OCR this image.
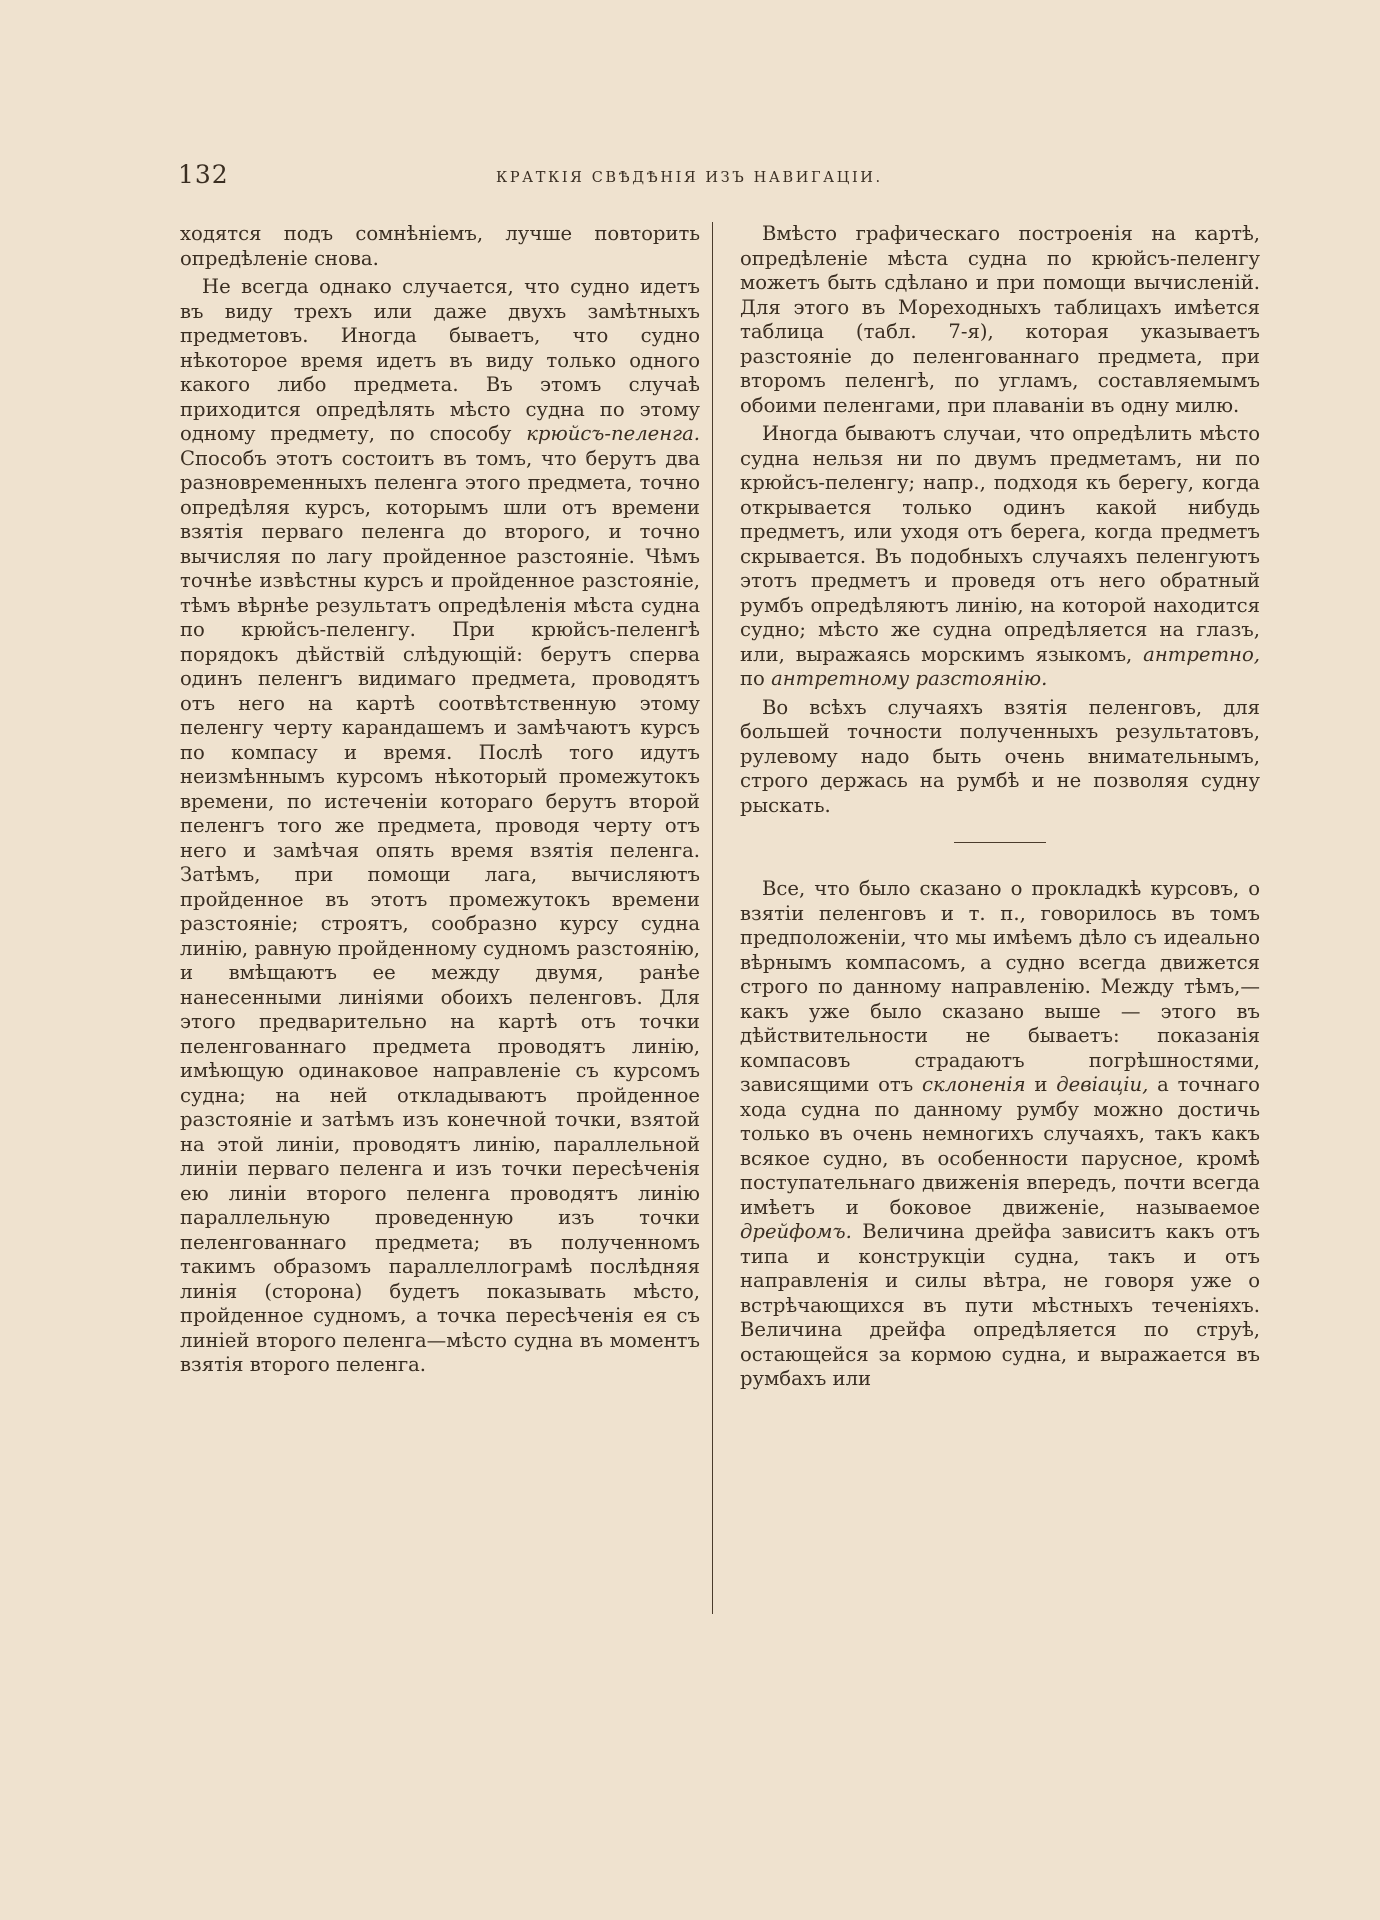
132	КРАТКІЯ СВѢДѢНІЯ ИЗЪ НАВИГАЦІИ.

ходятся подъ сомнѣніемъ, лучше повторить опредѣленіе снова.

Не всегда однако случается, что судно идетъ въ виду трехъ или даже двухъ замѣтныхъ предметовъ. Иногда бываетъ, что судно нѣкоторое время идетъ въ виду только одного какого либо предмета. Въ этомъ случаѣ приходится опредѣлять мѣсто судна по этому одному предмету, по способу крюйсъ-пеленга. Способъ этотъ состоитъ въ томъ, что берутъ два разновременныхъ пеленга этого предмета, точно опредѣляя курсъ, которымъ шли отъ времени взятія перваго пеленга до второго, и точно вычисляя по лагу пройденное разстояніе. Чѣмъ точнѣе извѣстны курсъ и пройденное разстояніе, тѣмъ вѣрнѣе результатъ опредѣленія мѣста судна по крюйсъ-пеленгу. При крюйсъ-пеленгѣ порядокъ дѣйствій слѣдующій: берутъ сперва одинъ пеленгъ видимаго предмета, проводятъ отъ него на картѣ соотвѣтственную этому пеленгу черту карандашемъ и замѣчаютъ курсъ по компасу и время. Послѣ того идутъ неизмѣннымъ курсомъ нѣкоторый промежутокъ времени, по истеченіи котораго берутъ второй пеленгъ того же предмета, проводя черту отъ него и замѣчая опять время взятія пеленга. Затѣмъ, при помощи лага, вычисляютъ пройденное въ этотъ промежутокъ времени разстояніе; строятъ, сообразно курсу судна линію, равную пройденному судномъ разстоянію, и вмѣщаютъ ее между двумя, ранѣе нанесенными линіями обоихъ пеленговъ. Для этого предварительно на картѣ отъ точки пеленгованнаго предмета проводятъ линію, имѣющую одинаковое направленіе съ курсомъ судна; на ней откладываютъ пройденное разстояніе и затѣмъ изъ конечной точки, взятой на этой линіи, проводятъ линію, параллельной линіи перваго пеленга и изъ точки пересѣченія ею линіи второго пеленга проводятъ линію параллельную проведенную изъ точки пеленгованнаго предмета; въ полученномъ такимъ образомъ параллеллограмѣ послѣдняя линія (сторона) будетъ показывать мѣсто, пройденное судномъ, а точка пересѣченія ея съ линіей второго пеленга—мѣсто судна въ моментъ взятія второго пеленга.

Вмѣсто графическаго построенія на картѣ, опредѣленіе мѣста судна по крюйсъ-пеленгу можетъ быть сдѣлано и при помощи вычисленій. Для этого въ Мореходныхъ таблицахъ имѣется таблица (табл. 7-я), которая указываетъ разстояніе до пеленгованнаго предмета, при второмъ пеленгѣ, по угламъ, составляемымъ обоими пеленгами, при плаваніи въ одну милю.

Иногда бываютъ случаи, что опредѣлить мѣсто судна нельзя ни по двумъ предметамъ, ни по крюйсъ-пеленгу; напр., подходя къ берегу, когда открывается только одинъ какой нибудь предметъ, или уходя отъ берега, когда предметъ скрывается. Въ подобныхъ случаяхъ пеленгуютъ этотъ предметъ и проведя отъ него обратный румбъ опредѣляютъ линію, на которой находится судно; мѣсто же судна опредѣляется на глазъ, или, выражаясь морскимъ языкомъ, антретно, по антретному разстоянію.

Во всѣхъ случаяхъ взятія пеленговъ, для большей точности полученныхъ результатовъ, рулевому надо быть очень внимательнымъ, строго держась на румбѣ и не позволяя судну рыскать.

Все, что было сказано о прокладкѣ курсовъ, о взятіи пеленговъ и т. п., говорилось въ томъ предположеніи, что мы имѣемъ дѣло съ идеально вѣрнымъ компасомъ, а судно всегда движется строго по данному направленію. Между тѣмъ,—какъ уже было сказано выше — этого въ дѣйствительности не бываетъ: показанія компасовъ страдаютъ погрѣшностями, зависящими отъ склоненія и девіаціи, а точнаго хода судна по данному румбу можно достичь только въ очень немногихъ случаяхъ, такъ какъ всякое судно, въ особенности парусное, кромѣ поступательнаго движенія впередъ, почти всегда имѣетъ и боковое движеніе, называемое дрейфомъ. Величина дрейфа зависитъ какъ отъ типа и конструкціи судна, такъ и отъ направленія и силы вѣтра, не говоря уже о встрѣчающихся въ пути мѣстныхъ теченіяхъ. Величина дрейфа опредѣляется по струѣ, остающейся за кормою судна, и выражается въ румбахъ или
